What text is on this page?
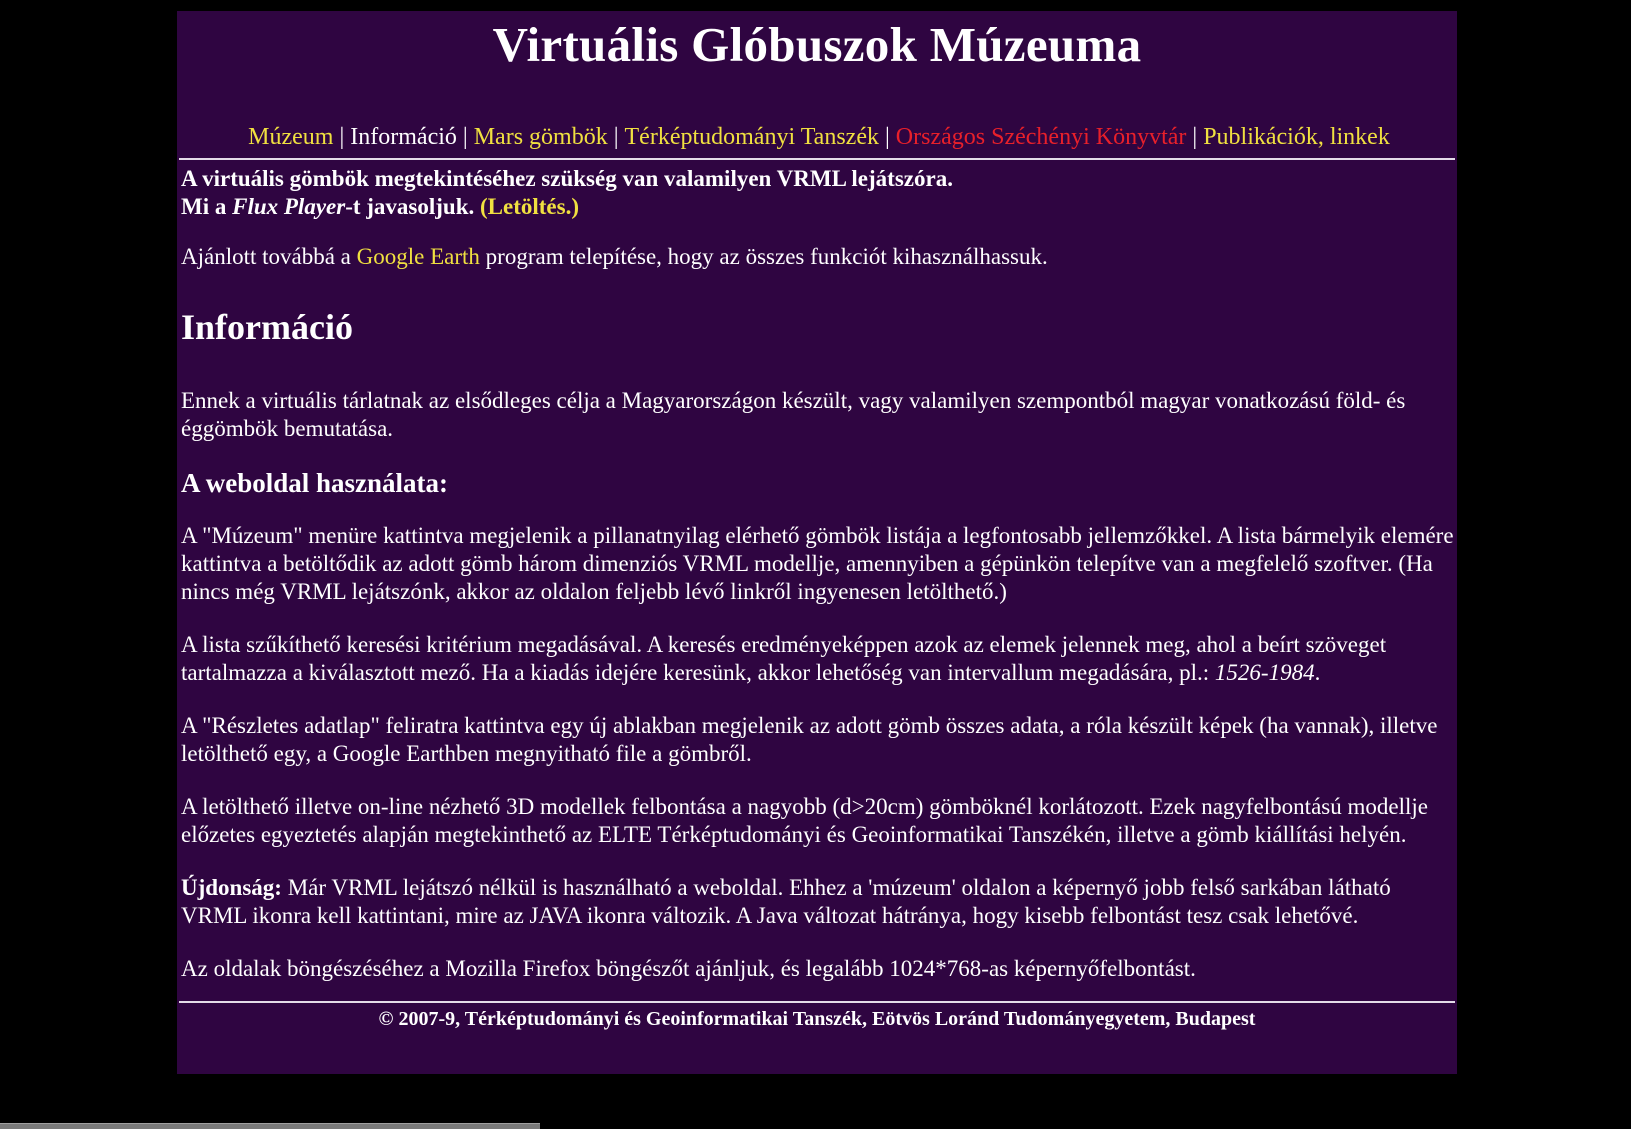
Virtuális Glóbuszok Múzeuma
Múzeum | Információ | Mars gömbök | Térképtudományi Tanszék | Országos Széchényi Könyvtár | Publikációk, linkek

A virtuális gömbök megtekintéséhez szükség van valamilyen VRML lejátszóra.
Mi a Flux Player-t javasoljuk. (Letöltés.)

Ajánlott továbbá a Google Earth program telepítése, hogy az összes funkciót kihasználhassuk.

Információ

Ennek a virtuális tárlatnak az elsődleges célja a Magyarországon készült, vagy valamilyen szempontból magyar vonatkozású föld- és éggömbök bemutatása.

A weboldal használata:

A "Múzeum" menüre kattintva megjelenik a pillanatnyilag elérhető gömbök listája a legfontosabb jellemzőkkel. A lista bármelyik elemére kattintva a betöltődik az adott gömb három dimenziós VRML modellje, amennyiben a gépünkön telepítve van a megfelelő szoftver. (Ha nincs még VRML lejátszónk, akkor az oldalon feljebb lévő linkről ingyenesen letölthető.)

A lista szűkíthető keresési kritérium megadásával. A keresés eredményeképpen azok az elemek jelennek meg, ahol a beírt szöveget tartalmazza a kiválasztott mező. Ha a kiadás idejére keresünk, akkor lehetőség van intervallum megadására, pl.: 1526-1984.

A "Részletes adatlap" feliratra kattintva egy új ablakban megjelenik az adott gömb összes adata, a róla készült képek (ha vannak), illetve letölthető egy, a Google Earthben megnyitható file a gömbről.

A letölthető illetve on-line nézhető 3D modellek felbontása a nagyobb (d>20cm) gömböknél korlátozott. Ezek nagyfelbontású modellje előzetes egyeztetés alapján megtekinthető az ELTE Térképtudományi és Geoinformatikai Tanszékén, illetve a gömb kiállítási helyén.

Újdonság: Már VRML lejátszó nélkül is használható a weboldal. Ehhez a 'múzeum' oldalon a képernyő jobb felső sarkában látható VRML ikonra kell kattintani, mire az JAVA ikonra változik. A Java változat hátránya, hogy kisebb felbontást tesz csak lehetővé.

Az oldalak böngészéséhez a Mozilla Firefox böngészőt ajánljuk, és legalább 1024*768-as képernyőfelbontást.

© 2007-9, Térképtudományi és Geoinformatikai Tanszék, Eötvös Loránd Tudományegyetem, Budapest
